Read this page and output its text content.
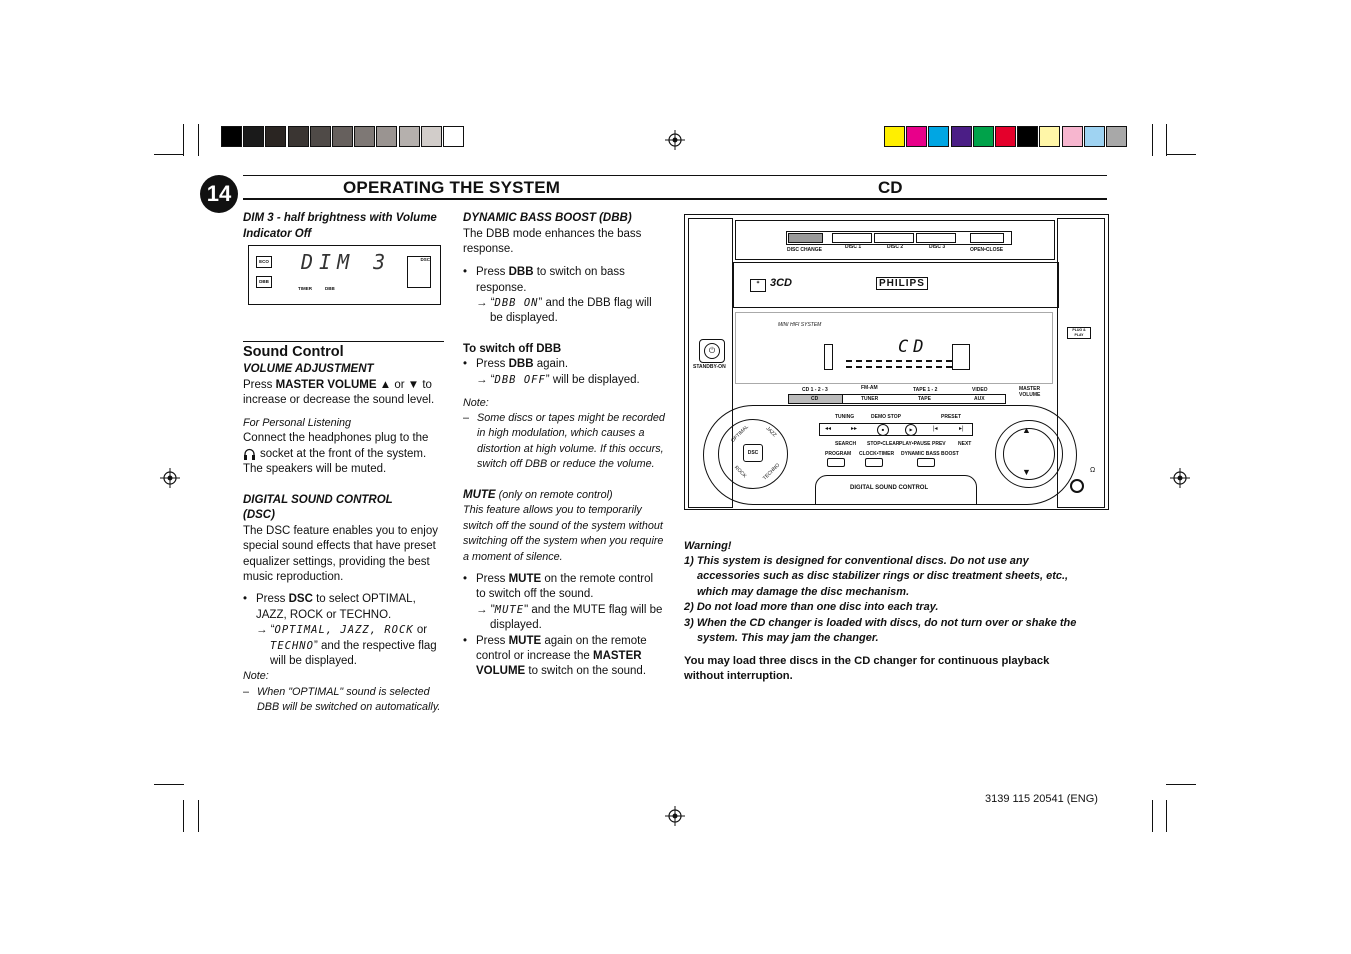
14	OPERATING THE SYSTEM	CD
DIM 3 - half brightness with Volume
Indicator Off
ECO
DBB
DIM 3
TIMER	DBB
DSC
Sound Control
VOLUME ADJUSTMENT
Press MASTER VOLUME ▲ or ▼ to
increase or decrease the sound level.
For Personal Listening
Connect the headphones plug to the
socket at the front of the system.
The speakers will be muted.
DIGITAL SOUND CONTROL
(DSC)
The DSC feature enables you to enjoy
special sound effects that have preset
equalizer settings, providing the best
music reproduction.
• Press DSC to select OPTIMAL,
JAZZ, ROCK or TECHNO.
→ “OPTIMAL, JAZZ, ROCK or
TECHNO” and the respective flag
will be displayed.
Note:
– When "OPTIMAL" sound is selected
DBB will be switched on automatically.
DYNAMIC BASS BOOST (DBB)
The DBB mode enhances the bass
response.
• Press DBB to switch on bass
response.
→ “DBB ON” and the DBB flag will
be displayed.
To switch off DBB
• Press DBB again.
→ “DBB OFF” will be displayed.
Note:
– Some discs or tapes might be recorded
in high modulation, which causes a
distortion at high volume. If this occurs,
switch off DBB or reduce the volume.
MUTE (only on remote control)
This feature allows you to temporarily
switch off the sound of the system without
switching off the system when you require
a moment of silence.
• Press MUTE on the remote control
to switch off the sound.
→ "MUTE" and the MUTE flag will be
displayed.
• Press MUTE again on the remote
control or increase the MASTER
VOLUME to switch on the sound.
DISC CHANGE	DISC 1	DISC 2	DISC 3	OPEN•CLOSE
◉ 3CD	PHILIPS
MINI HIFI SYSTEM
CD
⏻
STANDBY-ON
CD 1 - 2 - 3	FM-AM	TAPE 1 - 2	VIDEO	MASTER VOLUME
CD	TUNER	TAPE	AUX
DSC
OPTIMAL	JAZZ
ROCK	TECHNO
TUNING	DEMO STOP	PRESET
◂◂	▸▸	■	▶	|◂	▸|
SEARCH STOP•CLEAR PLAY•PAUSE PREV NEXT
PROGRAM CLOCK•TIMER DYNAMIC BASS BOOST
DIGITAL SOUND CONTROL
▲
▼	Ω
PLUG & PLAY
Warning!
1) This system is designed for conventional discs. Do not use any
accessories such as disc stabilizer rings or disc treatment sheets, etc.,
which may damage the disc mechanism.
2) Do not load more than one disc into each tray.
3) When the CD changer is loaded with discs, do not turn over or shake the
system. This may jam the changer.
You may load three discs in the CD changer for continuous playback
without interruption.
3139 115 20541 (ENG)
